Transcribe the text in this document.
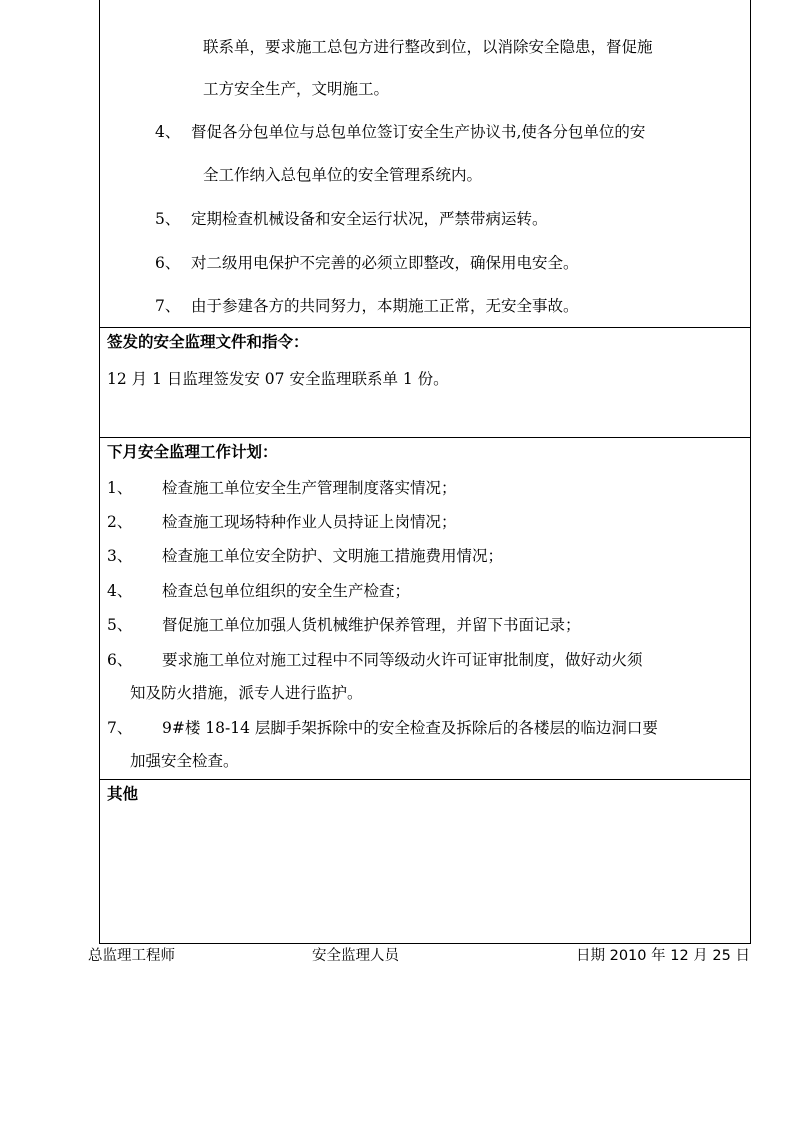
联系单，要求施工总包方进行整改到位，以消除安全隐患，督促施
工方安全生产，文明施工。
4、 督促各分包单位与总包单位签订安全生产协议书,使各分包单位的安
全工作纳入总包单位的安全管理系统内。
5、 定期检查机械设备和安全运行状况，严禁带病运转。
6、 对二级用电保护不完善的必须立即整改，确保用电安全。
7、 由于参建各方的共同努力，本期施工正常，无安全事故。
签发的安全监理文件和指令：
12 月 1 日监理签发安 07 安全监理联系单 1 份。
下月安全监理工作计划：
1、 检查施工单位安全生产管理制度落实情况；
2、 检查施工现场特种作业人员持证上岗情况；
3、 检查施工单位安全防护、文明施工措施费用情况；
4、 检查总包单位组织的安全生产检查；
5、 督促施工单位加强人货机械维护保养管理，并留下书面记录；
6、 要求施工单位对施工过程中不同等级动火许可证审批制度，做好动火须
知及防火措施，派专人进行监护。
7、 9#楼 18-14 层脚手架拆除中的安全检查及拆除后的各楼层的临边洞口要
加强安全检查。
其他
总监理工程师	安全监理人员	日期 2010 年 12 月 25 日
